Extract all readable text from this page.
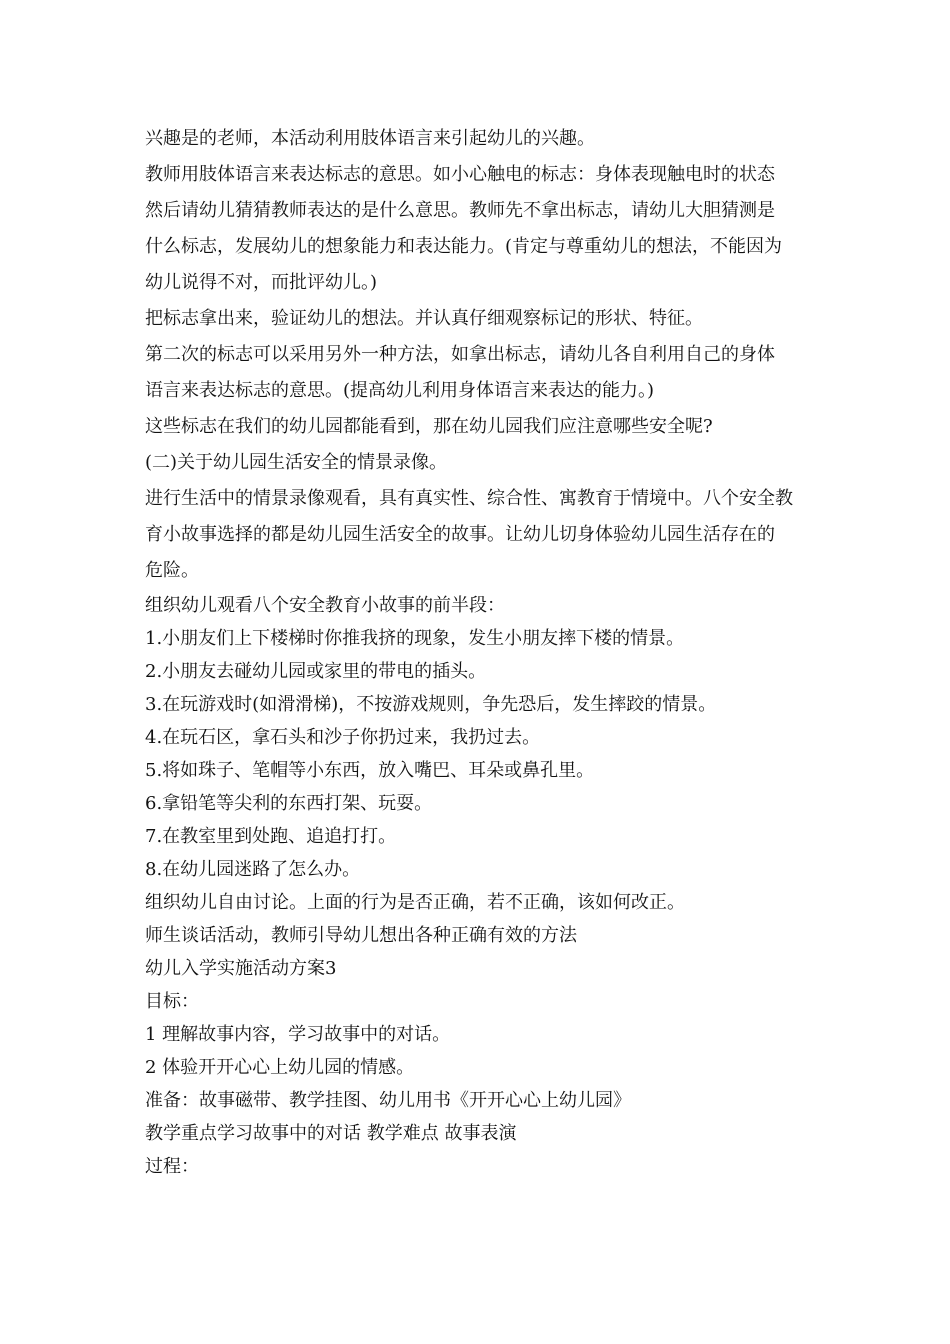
兴趣是的老师，本活动利用肢体语言来引起幼儿的兴趣。

教师用肢体语言来表达标志的意思。如小心触电的标志：身体表现触电时的状态

然后请幼儿猜猜教师表达的是什么意思。教师先不拿出标志，请幼儿大胆猜测是

什么标志，发展幼儿的想象能力和表达能力。(肯定与尊重幼儿的想法，不能因为

幼儿说得不对，而批评幼儿。)

把标志拿出来，验证幼儿的想法。并认真仔细观察标记的形状、特征。

第二次的标志可以采用另外一种方法，如拿出标志，请幼儿各自利用自己的身体

语言来表达标志的意思。(提高幼儿利用身体语言来表达的能力。)

这些标志在我们的幼儿园都能看到，那在幼儿园我们应注意哪些安全呢?

(二)关于幼儿园生活安全的情景录像。

进行生活中的情景录像观看，具有真实性、综合性、寓教育于情境中。八个安全教

育小故事选择的都是幼儿园生活安全的故事。让幼儿切身体验幼儿园生活存在的

危险。

组织幼儿观看八个安全教育小故事的前半段：

1.小朋友们上下楼梯时你推我挤的现象，发生小朋友摔下楼的情景。

2.小朋友去碰幼儿园或家里的带电的插头。

3.在玩游戏时(如滑滑梯)，不按游戏规则，争先恐后，发生摔跤的情景。

4.在玩石区，拿石头和沙子你扔过来，我扔过去。

5.将如珠子、笔帽等小东西，放入嘴巴、耳朵或鼻孔里。

6.拿铅笔等尖利的东西打架、玩耍。

7.在教室里到处跑、追追打打。

8.在幼儿园迷路了怎么办。

组织幼儿自由讨论。上面的行为是否正确，若不正确，该如何改正。

师生谈话活动，教师引导幼儿想出各种正确有效的方法

幼儿入学实施活动方案3

目标：

1 理解故事内容，学习故事中的对话。

2 体验开开心心上幼儿园的情感。

准备：故事磁带、教学挂图、幼儿用书《开开心心上幼儿园》

教学重点学习故事中的对话 教学难点 故事表演

过程：
